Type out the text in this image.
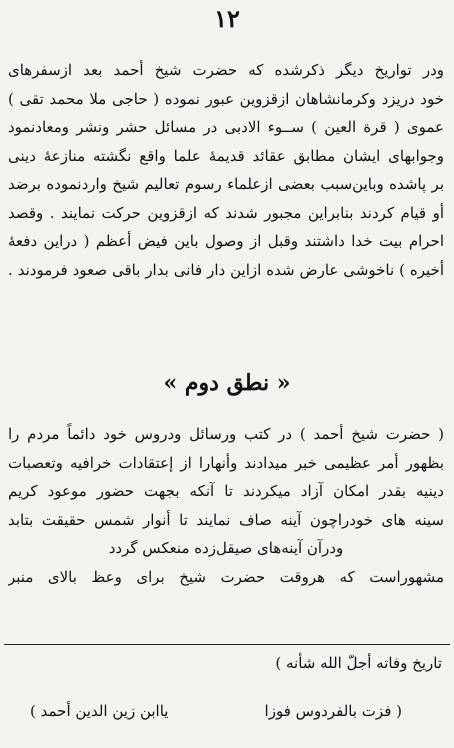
۱۲
ودر تواریخ دیگر ذکرشده که حضرت شیخ أحمد بعد ازسفرهای
خود دریزد وکرمانشاهان ازقزوین عبور نموده ( حاجی ملا محمد تقی )
عموی ( قرة العین ) ســوء الادبی در مسائل حشر ونشر ومعادنمود
وجوابهای ایشان مطابق عقائد قدیمهٔ علما واقع نگشته منازعهٔ دینی
بر پاشده وباین‌سبب بعضی ازعلماء رسوم تعالیم شیخ واردنموده برضد
أو قیام کردند بنابراین مجبور شدند که ازقزوین حرکت نمایند . وقصد
احرام بیت خدا داشتند وقبل از وصول باین فیض أعظم ( دراین دفعهٔ
أخیره ) ناخوشی عارض شده ازاین دار فانی بدار باقی صعود فرمودند .
« نطق دوم »
( حضرت شیخ أحمد ) در کتب ورسائل ودروس خود دائماً مردم را
بظهور أمر عظیمی خبر میدادند وأنهارا از إعتقادات خرافیه وتعصبات
دینیه بقدر امکان آزاد میکردند تا آنکه بجهت حضور موعود کریم
سینه های خودراچون آینه صاف نمایند تا أنوار شمس حقیقت بتابد
ودرآن آینه‌های صیقل‌زده منعکس گردد
مشهوراست که هروقت حضرت شیخ برای وعظ بالای منبر
تاریخ وفاته أجلّ الله شأنه )
( فزت بالفردوس فوزا
یاابن زین الدین أحمد )
